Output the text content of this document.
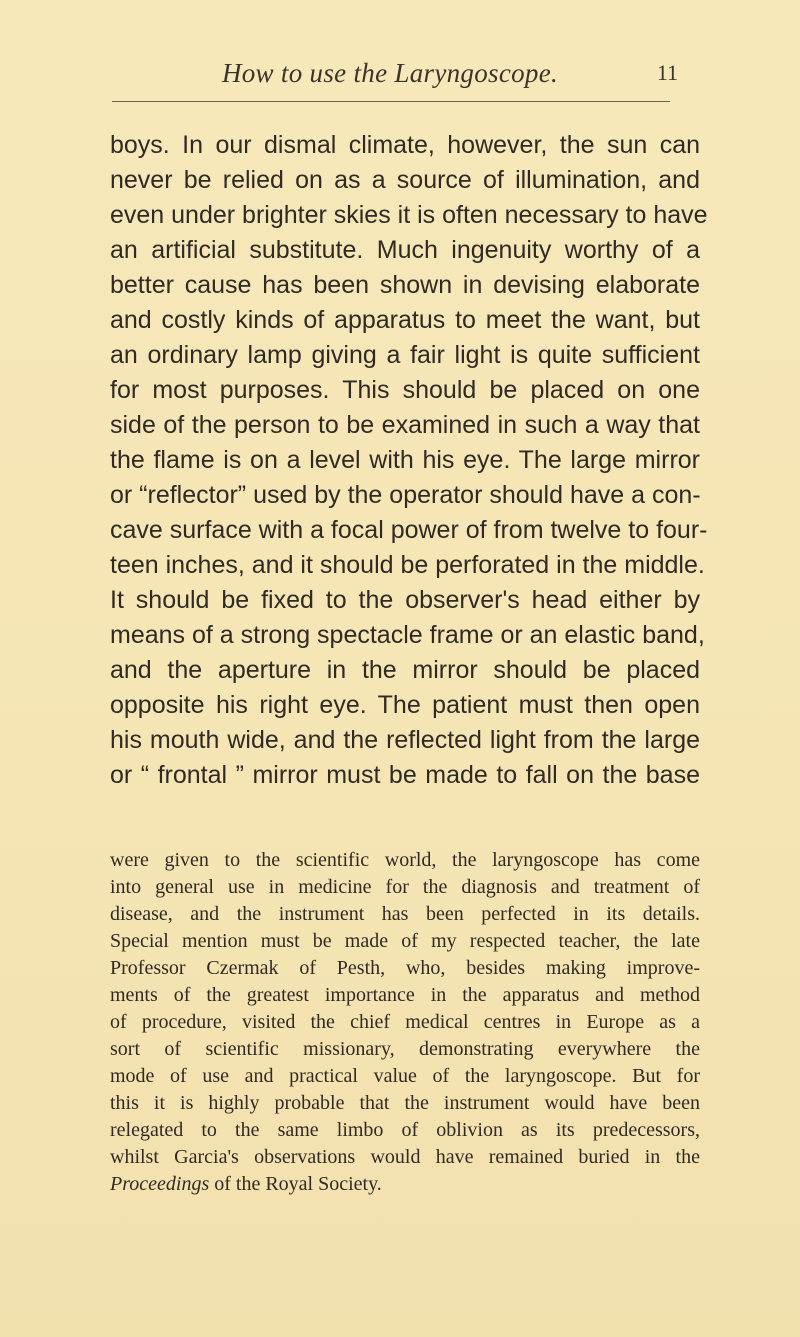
How to use the Laryngoscope.	11

boys. In our dismal climate, however, the sun can
never be relied on as a source of illumination, and
even under brighter skies it is often necessary to have
an artificial substitute. Much ingenuity worthy of a
better cause has been shown in devising elaborate
and costly kinds of apparatus to meet the want, but
an ordinary lamp giving a fair light is quite sufficient
for most purposes. This should be placed on one
side of the person to be examined in such a way that
the flame is on a level with his eye. The large mirror
or “reflector” used by the operator should have a con-
cave surface with a focal power of from twelve to four-
teen inches, and it should be perforated in the middle.
It should be fixed to the observer's head either by
means of a strong spectacle frame or an elastic band,
and the aperture in the mirror should be placed
opposite his right eye. The patient must then open
his mouth wide, and the reflected light from the large
or “ frontal ” mirror must be made to fall on the base

were given to the scientific world, the laryngoscope has come
into general use in medicine for the diagnosis and treatment of
disease, and the instrument has been perfected in its details.
Special mention must be made of my respected teacher, the late
Professor Czermak of Pesth, who, besides making improve-
ments of the greatest importance in the apparatus and method
of procedure, visited the chief medical centres in Europe as a
sort of scientific missionary, demonstrating everywhere the
mode of use and practical value of the laryngoscope. But for
this it is highly probable that the instrument would have been
relegated to the same limbo of oblivion as its predecessors,
whilst Garcia's observations would have remained buried in the
Proceedings of the Royal Society.
